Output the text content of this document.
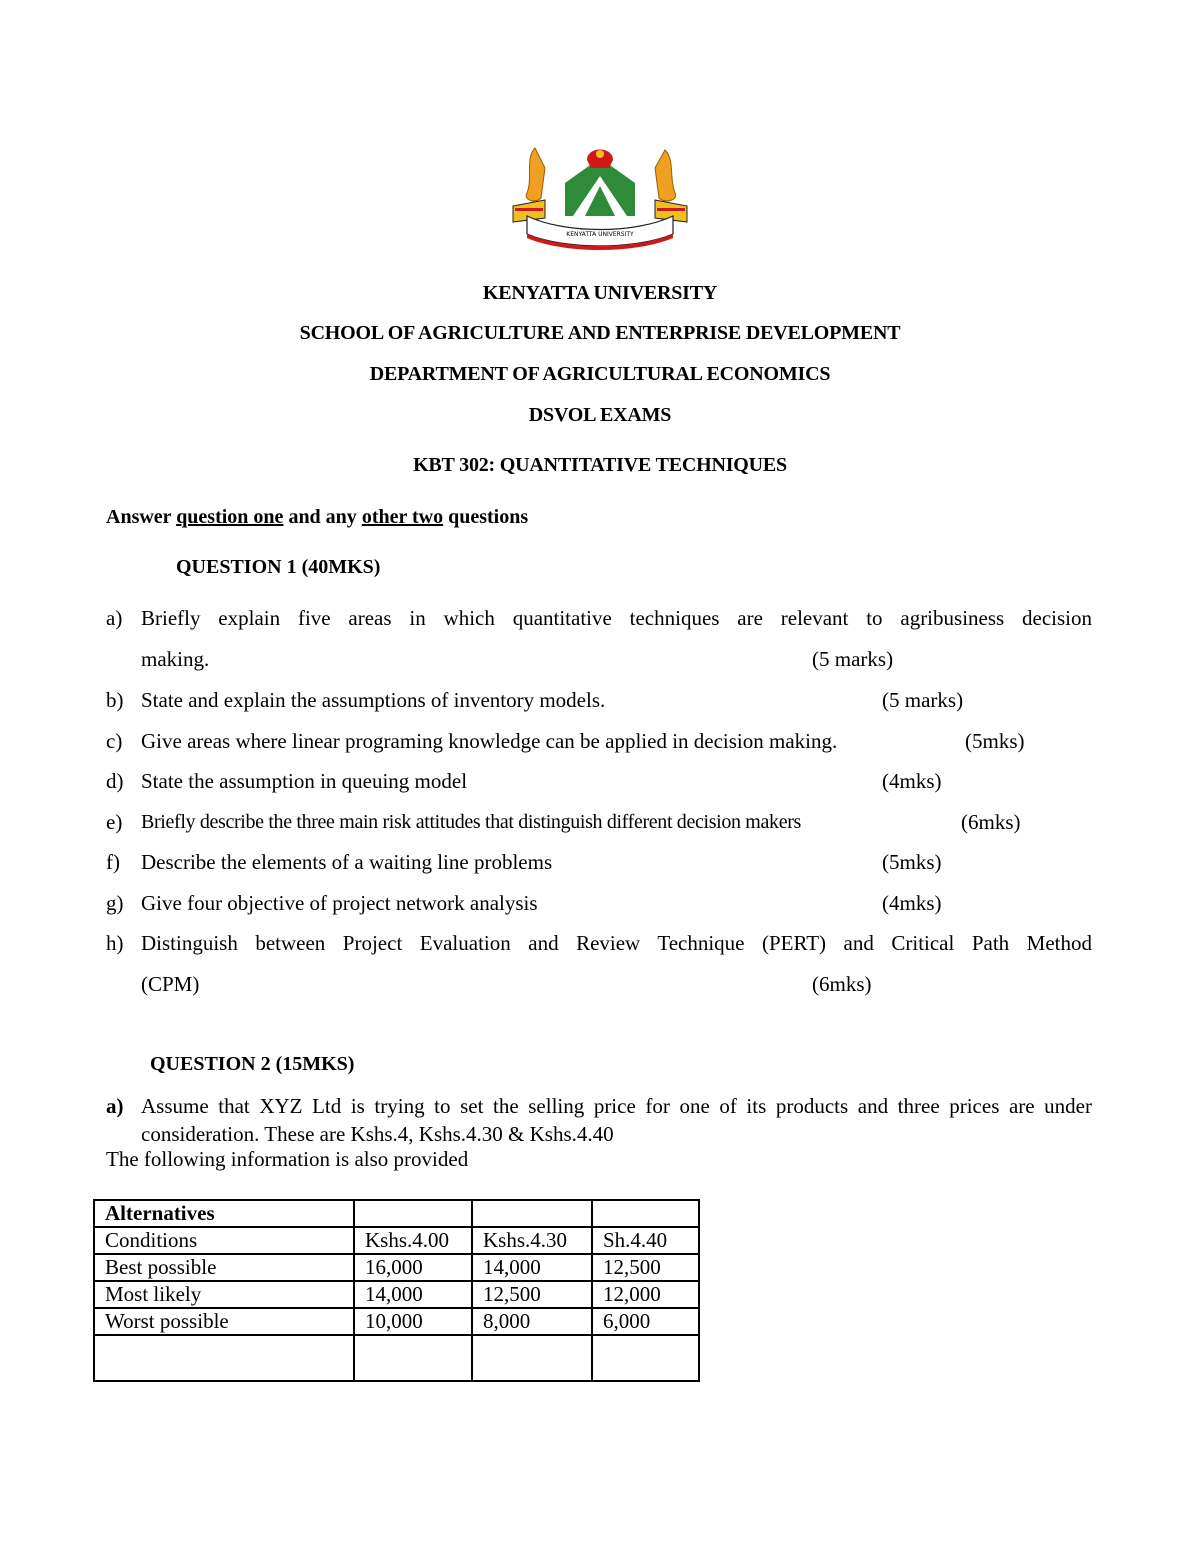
KENYATTA UNIVERSITY
KENYATTA UNIVERSITY
SCHOOL OF AGRICULTURE AND ENTERPRISE DEVELOPMENT
DEPARTMENT OF AGRICULTURAL ECONOMICS
DSVOL EXAMS
KBT 302: QUANTITATIVE TECHNIQUES
Answer question one and any other two questions
QUESTION 1 (40MKS)
a) Briefly explain five areas in which quantitative techniques are relevant to agribusiness decision
making.	(5 marks)
b) State and explain the assumptions of inventory models.	(5 marks)
c) Give areas where linear programing knowledge can be applied in decision making.	(5mks)
d) State the assumption in queuing model	(4mks)
e) Briefly describe the three main risk attitudes that distinguish different decision makers	(6mks)
f) Describe the elements of a waiting line problems	(5mks)
g) Give four objective of project network analysis	(4mks)
h) Distinguish between Project Evaluation and Review Technique (PERT) and Critical Path Method
(CPM)	(6mks)
QUESTION 2 (15MKS)
a) Assume that XYZ Ltd is trying to set the selling price for one of its products and three prices are under consideration. These are Kshs.4, Kshs.4.30 & Kshs.4.40
The following information is also provided
Alternatives			
Conditions	Kshs.4.00	Kshs.4.30	Sh.4.40
Best possible	16,000	14,000	12,500
Most likely	14,000	12,500	12,000
Worst possible	10,000	8,000	6,000
